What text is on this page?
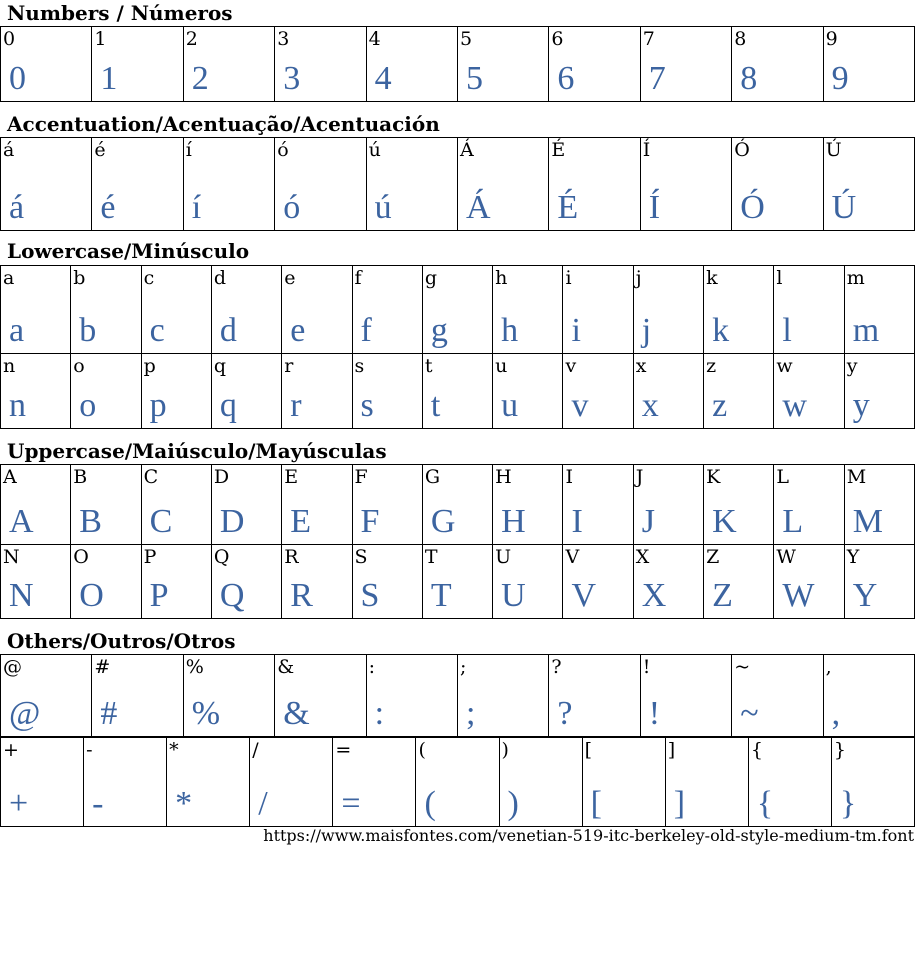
Numbers / Números
0
0
1
1
2
2
3
3
4
4
5
5
6
6
7
7
8
8
9
9
Accentuation/Acentuação/Acentuación
á
á
é
é
í
í
ó
ó
ú
ú
Á
Á
É
É
Í
Í
Ó
Ó
Ú
Ú
Lowercase/Minúsculo
a
a
b
b
c
c
d
d
e
e
f
f
g
g
h
h
i
i
j
j
k
k
l
l
m
m
n
n
o
o
p
p
q
q
r
r
s
s
t
t
u
u
v
v
x
x
z
z
w
w
y
y
Uppercase/Maiúsculo/Mayúsculas
A
A
B
B
C
C
D
D
E
E
F
F
G
G
H
H
I
I
J
J
K
K
L
L
M
M
N
N
O
O
P
P
Q
Q
R
R
S
S
T
T
U
U
V
V
X
X
Z
Z
W
W
Y
Y
Others/Outros/Otros
@
@
#
#
%
%
&
&
:
:
;
;
?
?
!
!
~
~
,
,
+
+
-
-
*
*
/
/
=
=
(
(
)
)
[
[
]
]
{
{
}
}
https://www.maisfontes.com/venetian-519-itc-berkeley-old-style-medium-tm.font
